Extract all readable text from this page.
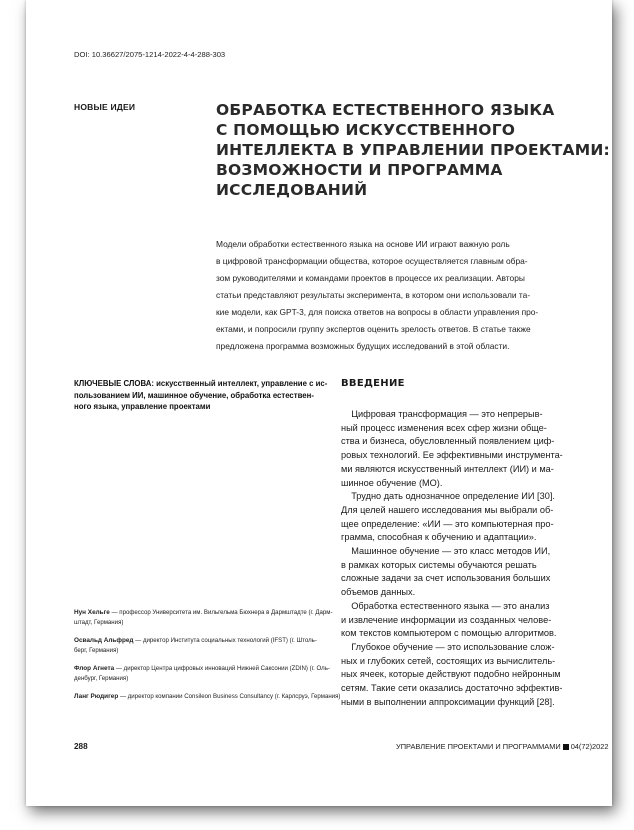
DOI: 10.36627/2075-1214-2022-4-4-288-303
НОВЫЕ ИДЕИ	ОБРАБОТКА ЕСТЕСТВЕННОГО ЯЗЫКА
С ПОМОЩЬЮ ИСКУССТВЕННОГО
ИНТЕЛЛЕКТА В УПРАВЛЕНИИ ПРОЕКТАМИ:
ВОЗМОЖНОСТИ И ПРОГРАММА
ИССЛЕДОВАНИЙ
Модели обработки естественного языка на основе ИИ играют важную роль
в цифровой трансформации общества, которое осуществляется главным обра-
зом руководителями и командами проектов в процессе их реализации. Авторы
статьи представляют результаты эксперимента, в котором они использовали та-
кие модели, как GPT-3, для поиска ответов на вопросы в области управления про-
ектами, и попросили группу экспертов оценить зрелость ответов. В статье также
предложена программа возможных будущих исследований в этой области.
КЛЮЧЕВЫЕ СЛОВА: искусственный интеллект, управление с ис-
пользованием ИИ, машинное обучение, обработка естествен-
ного языка, управление проектами
ВВЕДЕНИЕ
Цифровая трансформация — это непрерыв-
ный процесс изменения всех сфер жизни обще-
ства и бизнеса, обусловленный появлением циф-
ровых технологий. Ее эффективными инструмента-
ми являются искусственный интеллект (ИИ) и ма-
шинное обучение (МО).
Трудно дать однозначное определение ИИ [30].
Для целей нашего исследования мы выбрали об-
щее определение: «ИИ — это компьютерная про-
грамма, способная к обучению и адаптации».
Машинное обучение — это класс методов ИИ,
в рамках которых системы обучаются решать
сложные задачи за счет использования больших
объемов данных.
Обработка естественного языка — это анализ
и извлечение информации из созданных человe-
ком текстов компьютером с помощью алгоритмов.
Глубокое обучение — это использование слож-
ных и глубоких сетей, состоящих из вычислитель-
ных ячеек, которые действуют подобно нейронным
сетям. Такие сети оказались достаточно эффектив-
ными в выполнении аппроксимации функций [28].
Нун Хельге — профессор Университета им. Вильгельма Бюхнера в Дармштадте (г. Дарм-
штадт, Германия)
Освальд Альфред — директор Института социальных технологий (IFST) (г. Штоль-
берг, Германия)
Флор Агнета — директор Центра цифровых инноваций Нижней Саксонии (ZDIN) (г. Оль-
денбург, Германия)
Ланг Рюдигер — директор компании Consileon Business Consultancy (г. Карлсруэ, Германия)
288	УПРАВЛЕНИЕ ПРОЕКТАМИ И ПРОГРАММАМИ 04(72)2022
